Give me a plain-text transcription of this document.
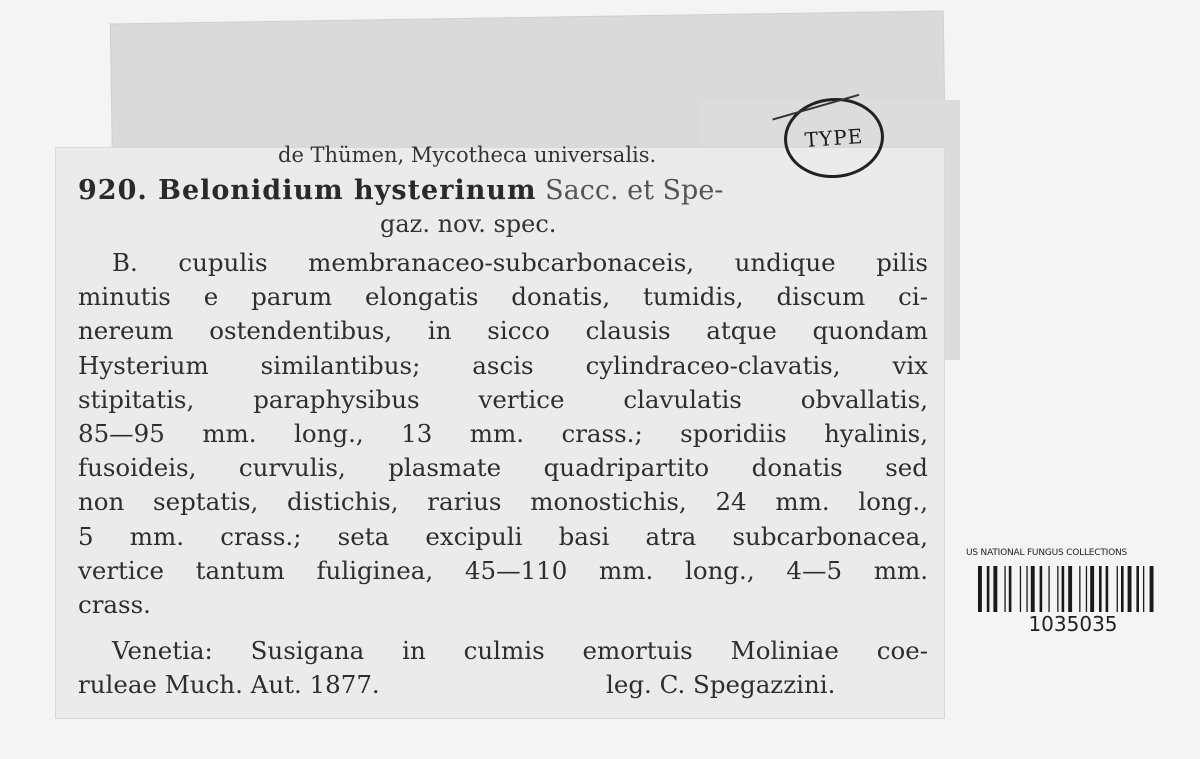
TYPE
de Thümen, Mycotheca universalis.
920. Belonidium hysterinum Sacc. et Spe-
gaz. nov. spec.
B. cupulis membranaceo-subcarbonaceis, undique pilis
minutis e parum elongatis donatis, tumidis, discum ci-
nereum ostendentibus, in sicco clausis atque quondam
Hysterium similantibus; ascis cylindraceo-clavatis, vix
stipitatis, paraphysibus vertice clavulatis obvallatis,
85—95 mm. long., 13 mm. crass.; sporidiis hyalinis,
fusoideis, curvulis, plasmate quadripartito donatis sed
non septatis, distichis, rarius monostichis, 24 mm. long.,
5 mm. crass.; seta excipuli basi atra subcarbonacea,
vertice tantum fuliginea, 45—110 mm. long., 4—5 mm.
crass.
Venetia: Susigana in culmis emortuis Moliniae coe-
ruleae Much. Aut. 1877.	leg. C. Spegazzini.
US NATIONAL FUNGUS COLLECTIONS
1035035
